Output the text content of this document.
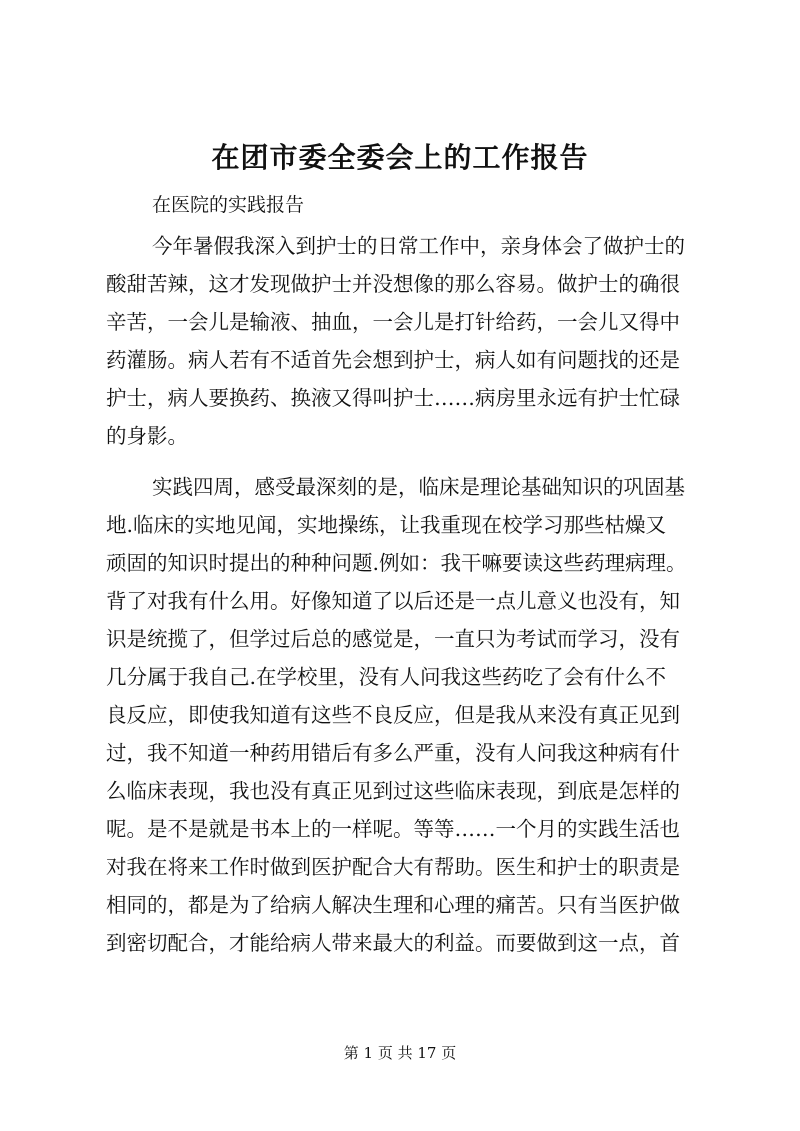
在团市委全委会上的工作报告
在医院的实践报告
今年暑假我深入到护士的日常工作中，亲身体会了做护士的
酸甜苦辣，这才发现做护士并没想像的那么容易。做护士的确很
辛苦，一会儿是输液、抽血，一会儿是打针给药，一会儿又得中
药灌肠。病人若有不适首先会想到护士，病人如有问题找的还是
护士，病人要换药、换液又得叫护士……病房里永远有护士忙碌
的身影。
实践四周，感受最深刻的是，临床是理论基础知识的巩固基
地.临床的实地见闻，实地操练，让我重现在校学习那些枯燥又
顽固的知识时提出的种种问题.例如：我干嘛要读这些药理病理。
背了对我有什么用。好像知道了以后还是一点儿意义也没有，知
识是统揽了，但学过后总的感觉是，一直只为考试而学习，没有
几分属于我自己.在学校里，没有人问我这些药吃了会有什么不
良反应，即使我知道有这些不良反应，但是我从来没有真正见到
过，我不知道一种药用错后有多么严重，没有人问我这种病有什
么临床表现，我也没有真正见到过这些临床表现，到底是怎样的
呢。是不是就是书本上的一样呢。等等……一个月的实践生活也
对我在将来工作时做到医护配合大有帮助。医生和护士的职责是
相同的，都是为了给病人解决生理和心理的痛苦。只有当医护做
到密切配合，才能给病人带来最大的利益。而要做到这一点，首
第 1 页 共 17 页
